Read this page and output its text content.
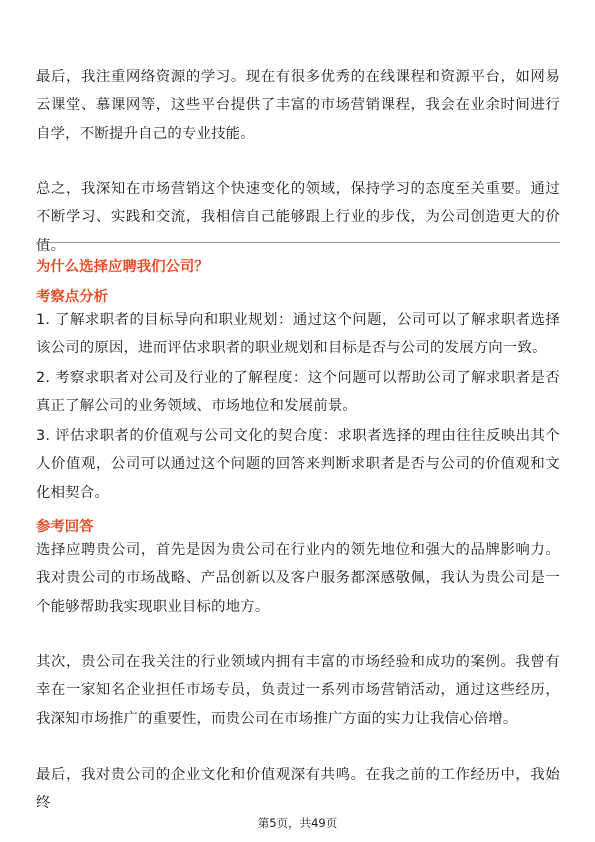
最后，我注重网络资源的学习。现在有很多优秀的在线课程和资源平台，如网易云课堂、慕课网等，这些平台提供了丰富的市场营销课程，我会在业余时间进行自学，不断提升自己的专业技能。

总之，我深知在市场营销这个快速变化的领域，保持学习的态度至关重要。通过不断学习、实践和交流，我相信自己能够跟上行业的步伐，为公司创造更大的价值。

为什么选择应聘我们公司？
考察点分析

1. 了解求职者的目标导向和职业规划：通过这个问题，公司可以了解求职者选择该公司的原因，进而评估求职者的职业规划和目标是否与公司的发展方向一致。

2. 考察求职者对公司及行业的了解程度：这个问题可以帮助公司了解求职者是否真正了解公司的业务领域、市场地位和发展前景。

3. 评估求职者的价值观与公司文化的契合度：求职者选择的理由往往反映出其个人价值观，公司可以通过这个问题的回答来判断求职者是否与公司的价值观和文化相契合。

参考回答

选择应聘贵公司，首先是因为贵公司在行业内的领先地位和强大的品牌影响力。我对贵公司的市场战略、产品创新以及客户服务都深感敬佩，我认为贵公司是一个能够帮助我实现职业目标的地方。

其次，贵公司在我关注的行业领域内拥有丰富的市场经验和成功的案例。我曾有幸在一家知名企业担任市场专员，负责过一系列市场营销活动，通过这些经历，我深知市场推广的重要性，而贵公司在市场推广方面的实力让我信心倍增。

最后，我对贵公司的企业文化和价值观深有共鸣。在我之前的工作经历中，我始终

第5页，共49页
